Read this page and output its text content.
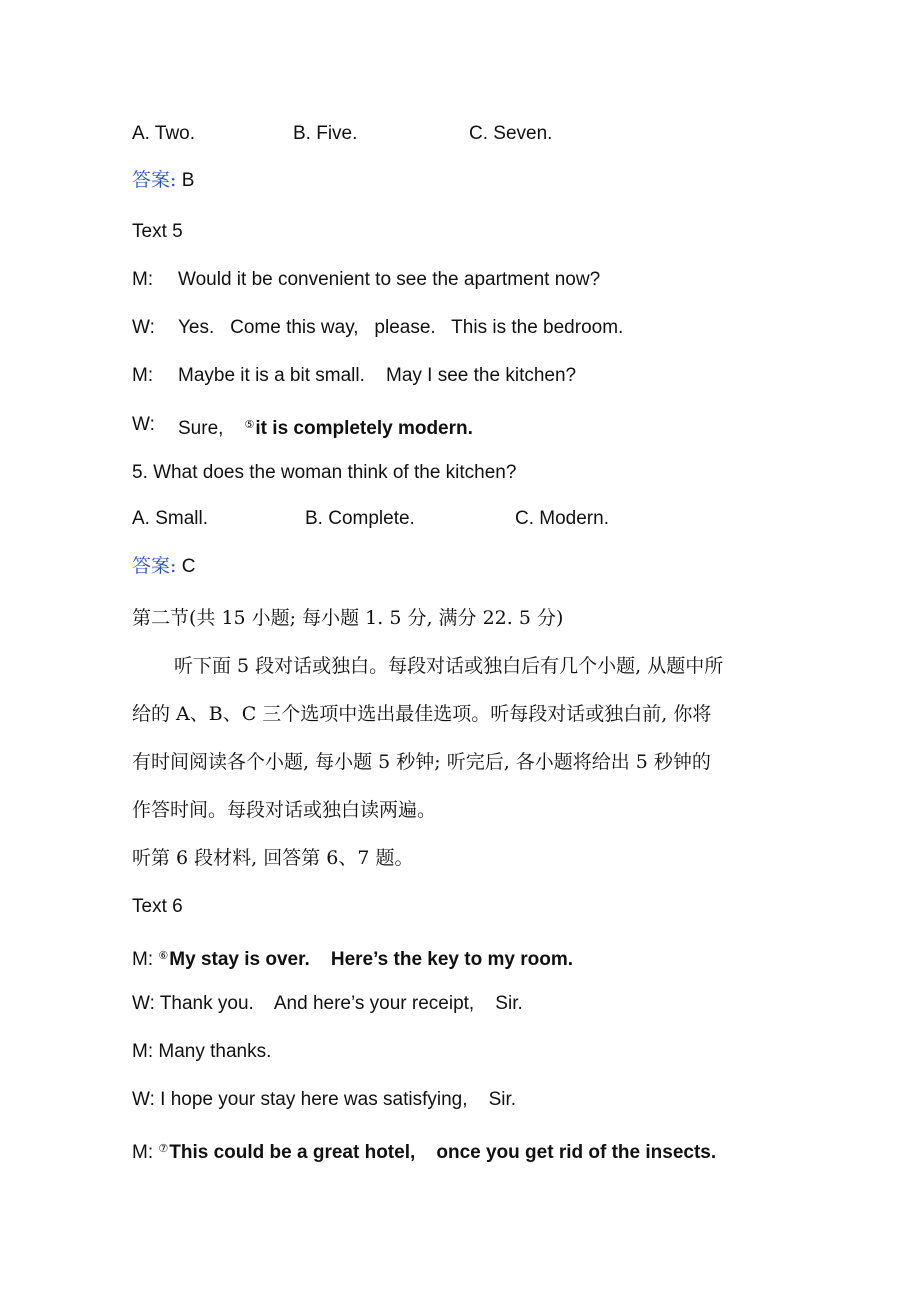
A. Two.	B. Five.	C. Seven.
答案: B
Text 5
M: Would it be convenient to see the apartment now?
W: Yes.   Come this way,   please.   This is the bedroom.
M: Maybe it is a bit small.    May I see the kitchen?
W: Sure,    ⑤it is completely modern.
5. What does the woman think of the kitchen?
A. Small.	B. Complete.	C. Modern.
答案: C
第二节(共 15 小题; 每小题 1. 5 分, 满分 22. 5 分)
听下面 5 段对话或独白。每段对话或独白后有几个小题, 从题中所
给的 A、B、C 三个选项中选出最佳选项。听每段对话或独白前, 你将
有时间阅读各个小题, 每小题 5 秒钟; 听完后, 各小题将给出 5 秒钟的
作答时间。每段对话或独白读两遍。
听第 6 段材料, 回答第 6、7 题。
Text 6
M: ⑥My stay is over.    Here’s the key to my room.
W: Thank you.    And here’s your receipt,    Sir.
M: Many thanks.
W: I hope your stay here was satisfying,    Sir.
M: ⑦This could be a great hotel,    once you get rid of the insects.
